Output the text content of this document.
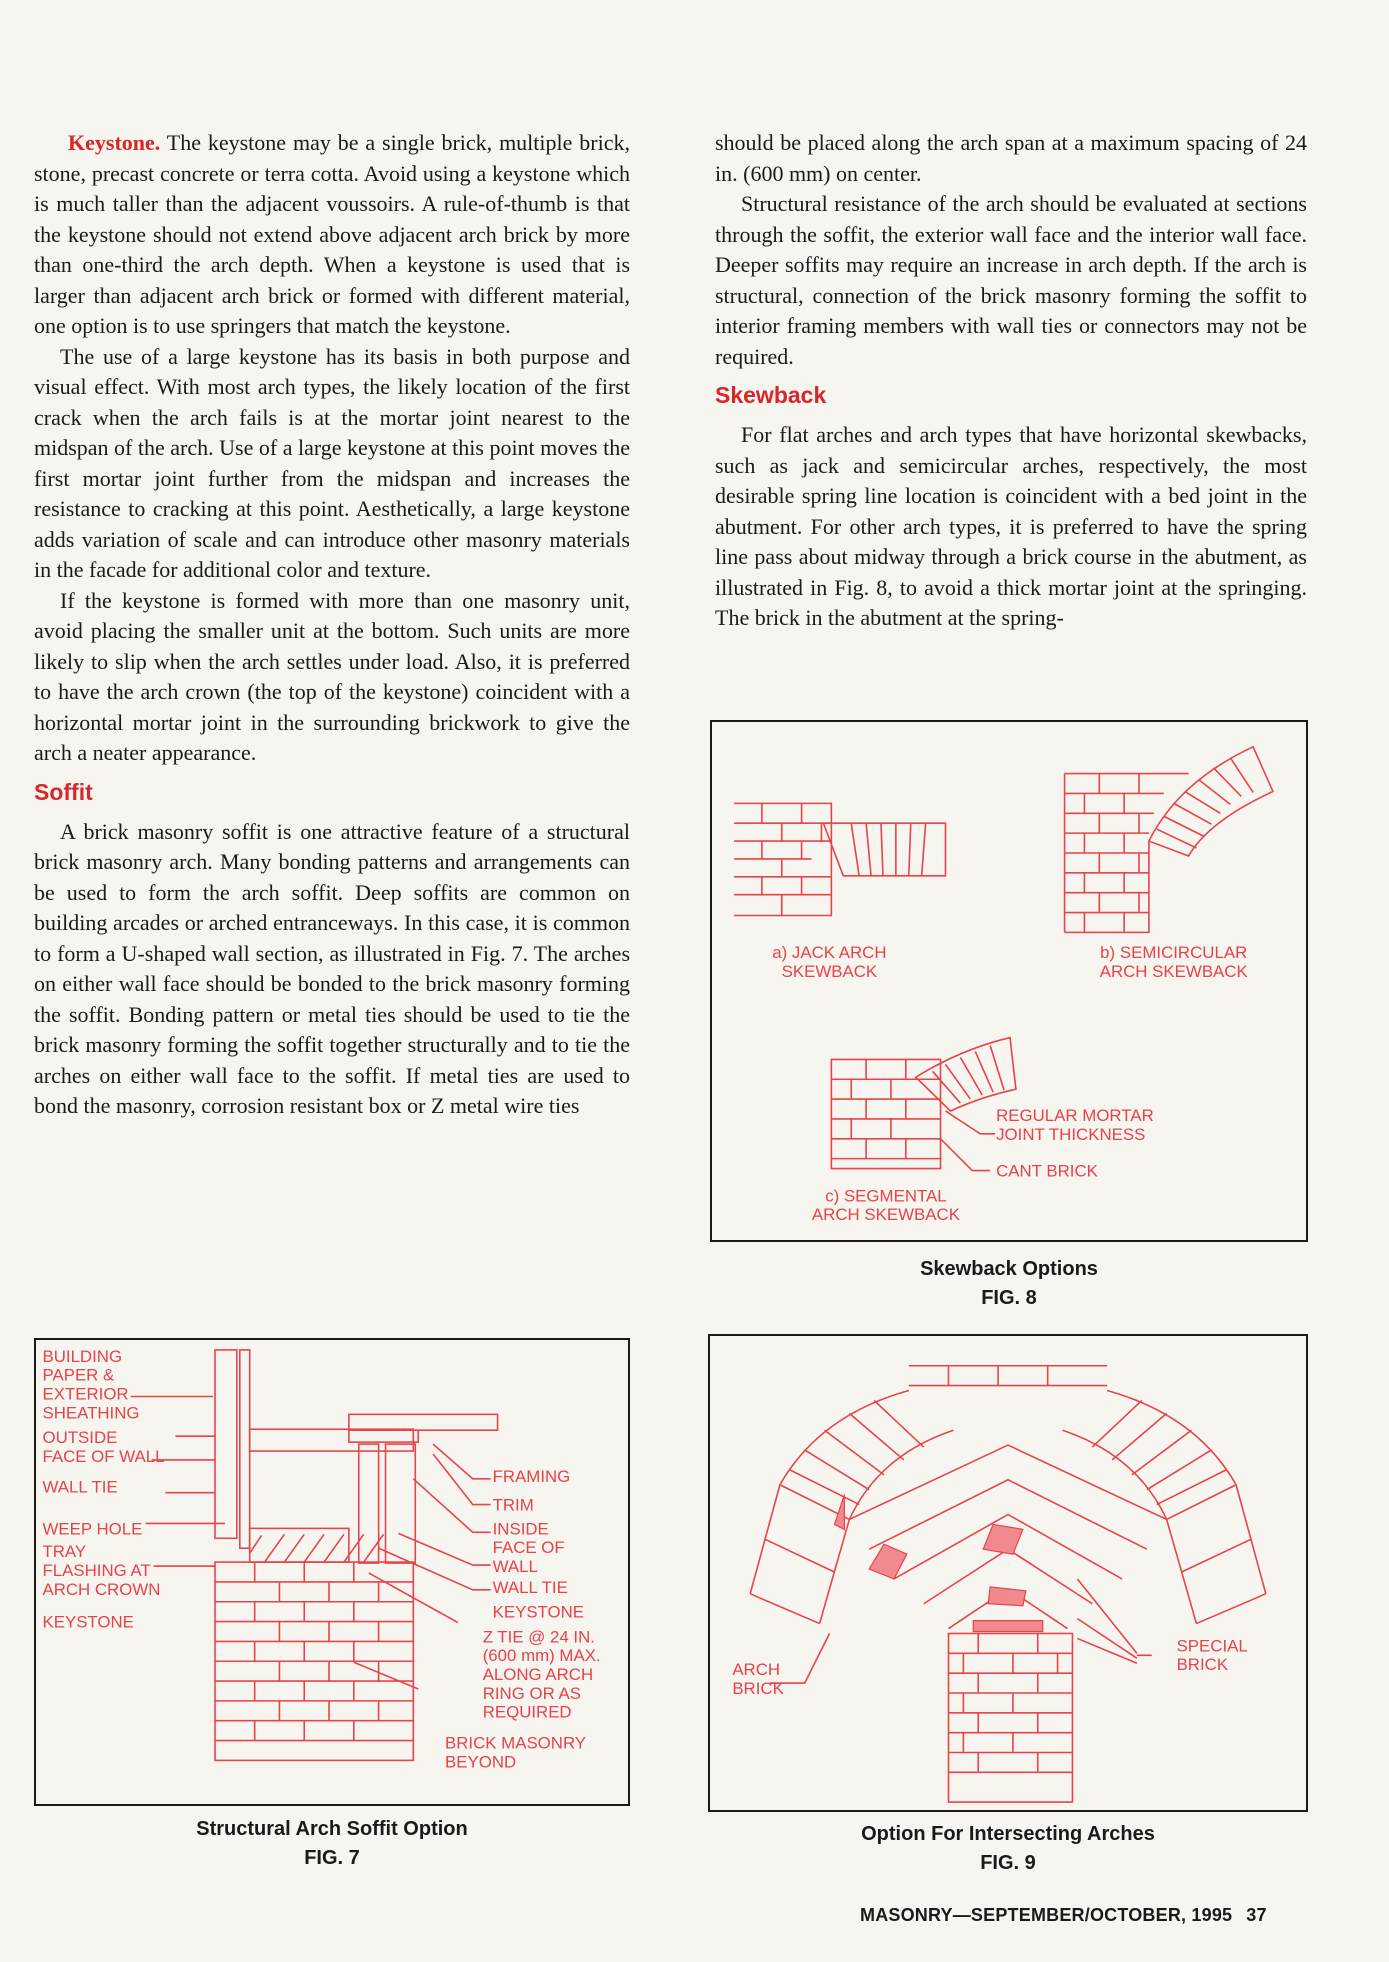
Keystone. The keystone may be a single brick, multiple brick, stone, precast concrete or terra cotta. Avoid using a keystone which is much taller than the adjacent voussoirs. A rule-of-thumb is that the keystone should not extend above adjacent arch brick by more than one-third the arch depth. When a keystone is used that is larger than adjacent arch brick or formed with different material, one option is to use springers that match the keystone.

The use of a large keystone has its basis in both purpose and visual effect. With most arch types, the likely location of the first crack when the arch fails is at the mortar joint nearest to the midspan of the arch. Use of a large keystone at this point moves the first mortar joint further from the midspan and increases the resistance to cracking at this point. Aesthetically, a large keystone adds variation of scale and can introduce other masonry materials in the facade for additional color and texture.

If the keystone is formed with more than one masonry unit, avoid placing the smaller unit at the bottom. Such units are more likely to slip when the arch settles under load. Also, it is preferred to have the arch crown (the top of the keystone) coincident with a horizontal mortar joint in the surrounding brickwork to give the arch a neater appearance.

Soffit

A brick masonry soffit is one attractive feature of a structural brick masonry arch. Many bonding patterns and arrangements can be used to form the arch soffit. Deep soffits are common on building arcades or arched entranceways. In this case, it is common to form a U-shaped wall section, as illustrated in Fig. 7. The arches on either wall face should be bonded to the brick masonry forming the soffit. Bonding pattern or metal ties should be used to tie the brick masonry forming the soffit together structurally and to tie the arches on either wall face to the soffit. If metal ties are used to bond the masonry, corrosion resistant box or Z metal wire ties

should be placed along the arch span at a maximum spacing of 24 in. (600 mm) on center.

Structural resistance of the arch should be evaluated at sections through the soffit, the exterior wall face and the interior wall face. Deeper soffits may require an increase in arch depth. If the arch is structural, connection of the brick masonry forming the soffit to interior framing members with wall ties or connectors may not be required.

Skewback

For flat arches and arch types that have horizontal skewbacks, such as jack and semicircular arches, respectively, the most desirable spring line location is coincident with a bed joint in the abutment. For other arch types, it is preferred to have the spring line pass about midway through a brick course in the abutment, as illustrated in Fig. 8, to avoid a thick mortar joint at the springing. The brick in the abutment at the spring-

BUILDING
PAPER &
EXTERIOR
SHEATHING
OUTSIDE
FACE OF WALL
WALL TIE
WEEP HOLE
TRAY
FLASHING AT
ARCH CROWN
KEYSTONE
FRAMING
TRIM
INSIDE
FACE OF
WALL
WALL TIE
KEYSTONE
Z TIE @ 24 IN.
(600 mm) MAX.
ALONG ARCH
RING OR AS
REQUIRED
BRICK MASONRY
BEYOND
Structural Arch Soffit Option
FIG. 7
a) JACK ARCH
SKEWBACK
b) SEMICIRCULAR
ARCH SKEWBACK
c) SEGMENTAL
ARCH SKEWBACK
REGULAR MORTAR
JOINT THICKNESS
CANT BRICK
Skewback Options
FIG. 8
ARCH
BRICK
SPECIAL
BRICK
Option For Intersecting Arches
FIG. 9
MASONRY—SEPTEMBER/OCTOBER, 1995 37
